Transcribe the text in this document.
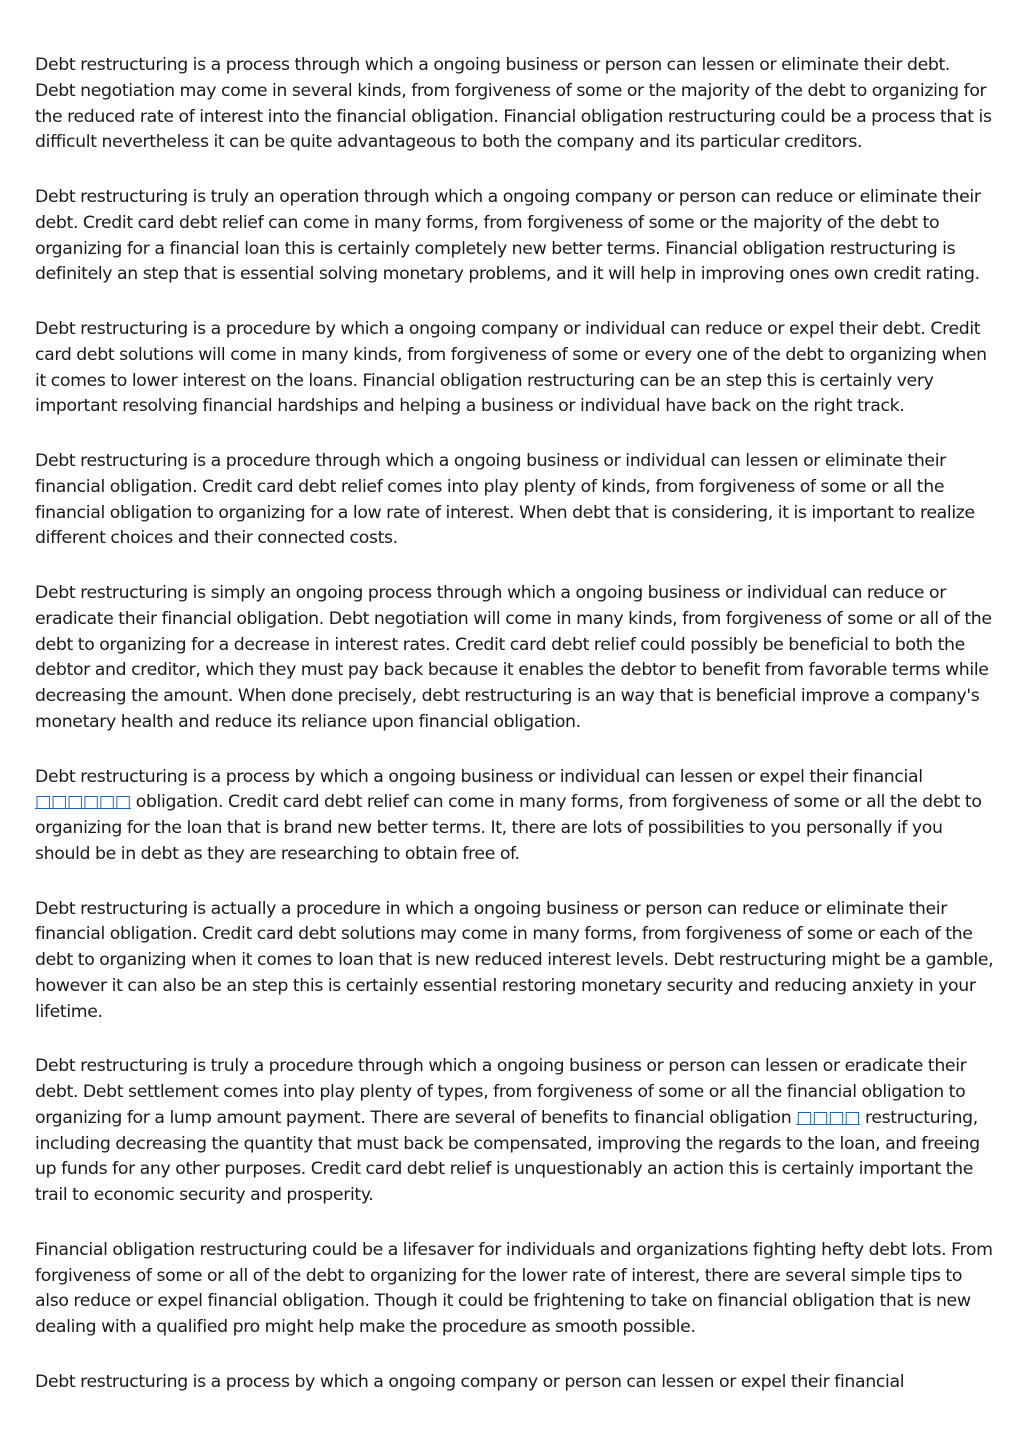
Debt restructuring is a process through which a ongoing business or person can lessen or eliminate their debt. Debt negotiation may come in several kinds, from forgiveness of some or the majority of the debt to organizing for the reduced rate of interest into the financial obligation. Financial obligation restructuring could be a process that is difficult nevertheless it can be quite advantageous to both the company and its particular creditors.

Debt restructuring is truly an operation through which a ongoing company or person can reduce or eliminate their debt. Credit card debt relief can come in many forms, from forgiveness of some or the majority of the debt to organizing for a financial loan this is certainly completely new better terms. Financial obligation restructuring is definitely an step that is essential solving monetary problems, and it will help in improving ones own credit rating.

Debt restructuring is a procedure by which a ongoing company or individual can reduce or expel their debt. Credit card debt solutions will come in many kinds, from forgiveness of some or every one of the debt to organizing when it comes to lower interest on the loans. Financial obligation restructuring can be an step this is certainly very important resolving financial hardships and helping a business or individual have back on the right track.

Debt restructuring is a procedure through which a ongoing business or individual can lessen or eliminate their financial obligation. Credit card debt relief comes into play plenty of kinds, from forgiveness of some or all the financial obligation to organizing for a low rate of interest. When debt that is considering, it is important to realize different choices and their connected costs.

Debt restructuring is simply an ongoing process through which a ongoing business or individual can reduce or eradicate their financial obligation. Debt negotiation will come in many kinds, from forgiveness of some or all of the debt to organizing for a decrease in interest rates. Credit card debt relief could possibly be beneficial to both the debtor and creditor, which they must pay back because it enables the debtor to benefit from favorable terms while decreasing the amount. When done precisely, debt restructuring is an way that is beneficial improve a company's monetary health and reduce its reliance upon financial obligation.

Debt restructuring is a process by which a ongoing business or individual can lessen or expel their financial □□□□□□ obligation. Credit card debt relief can come in many forms, from forgiveness of some or all the debt to organizing for the loan that is brand new better terms. It, there are lots of possibilities to you personally if you should be in debt as they are researching to obtain free of.

Debt restructuring is actually a procedure in which a ongoing business or person can reduce or eliminate their financial obligation. Credit card debt solutions may come in many forms, from forgiveness of some or each of the debt to organizing when it comes to loan that is new reduced interest levels. Debt restructuring might be a gamble, however it can also be an step this is certainly essential restoring monetary security and reducing anxiety in your lifetime.

Debt restructuring is truly a procedure through which a ongoing business or person can lessen or eradicate their debt. Debt settlement comes into play plenty of types, from forgiveness of some or all the financial obligation to organizing for a lump amount payment. There are several of benefits to financial obligation □□□□ restructuring, including decreasing the quantity that must back be compensated, improving the regards to the loan, and freeing up funds for any other purposes. Credit card debt relief is unquestionably an action this is certainly important the trail to economic security and prosperity.

Financial obligation restructuring could be a lifesaver for individuals and organizations fighting hefty debt lots. From forgiveness of some or all of the debt to organizing for the lower rate of interest, there are several simple tips to also reduce or expel financial obligation. Though it could be frightening to take on financial obligation that is new dealing with a qualified pro might help make the procedure as smooth possible.

Debt restructuring is a process by which a ongoing company or person can lessen or expel their financial
